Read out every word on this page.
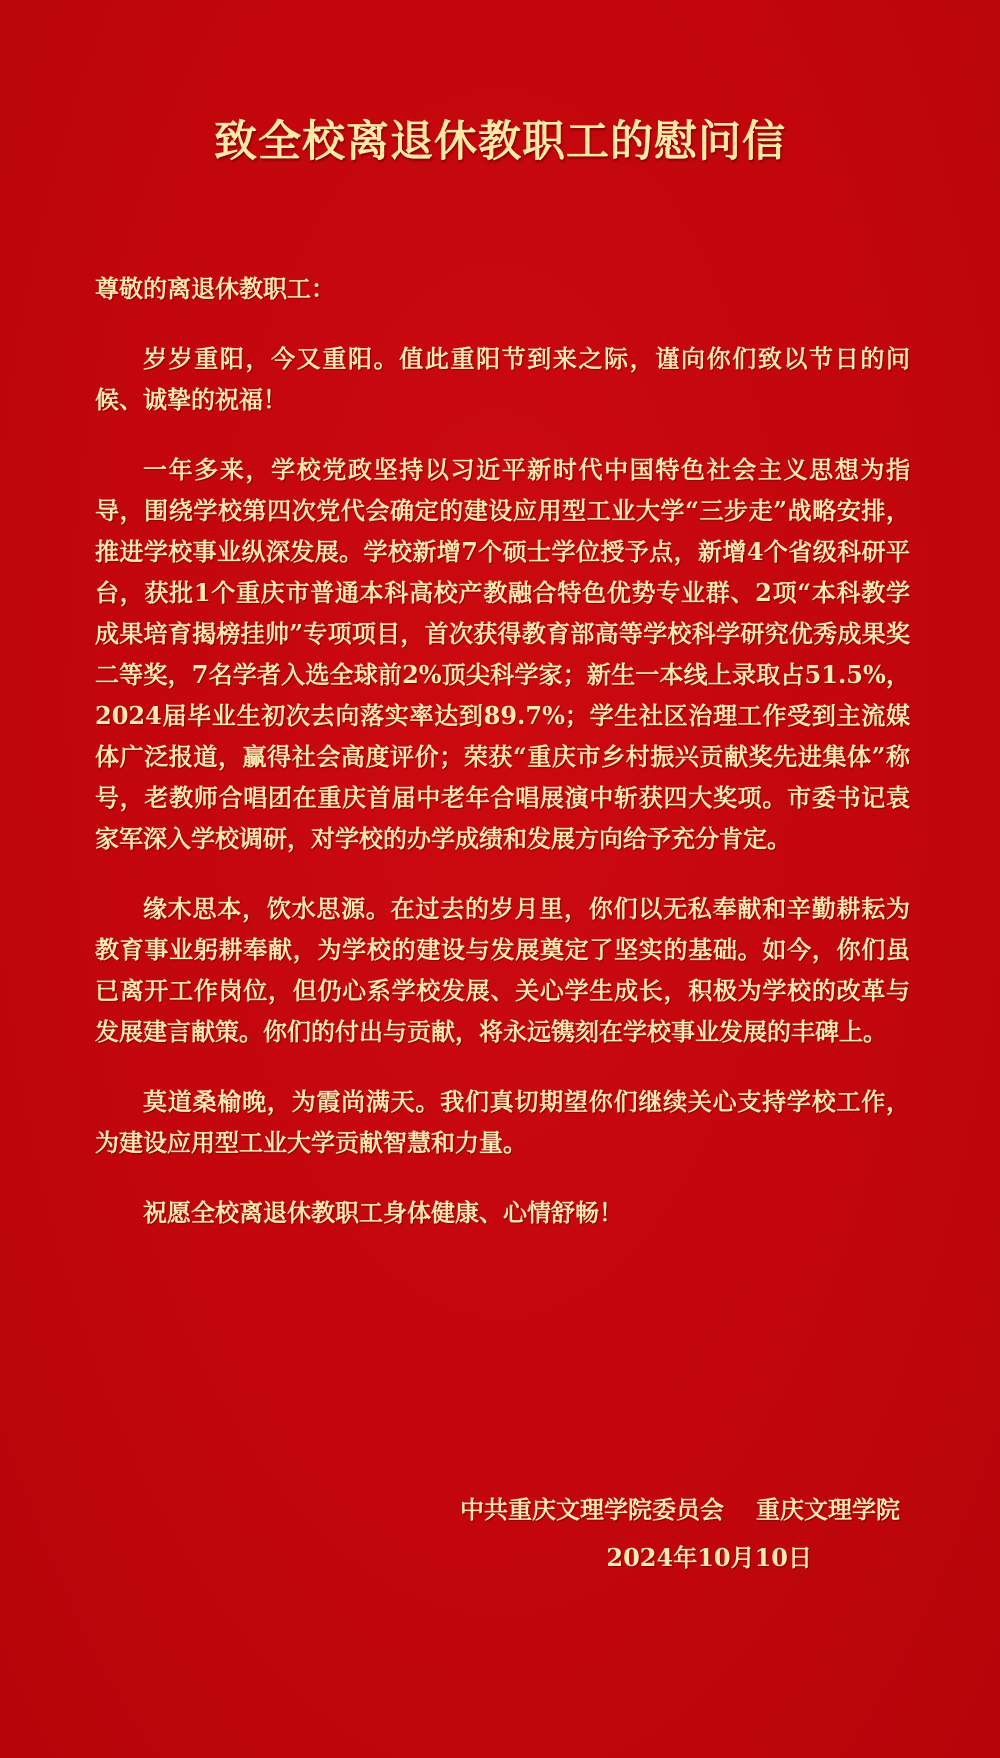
致全校离退休教职工的慰问信

尊敬的离退休教职工：

岁岁重阳，今又重阳。值此重阳节到来之际，谨向你们致以节日的问候、诚挚的祝福！

一年多来，学校党政坚持以习近平新时代中国特色社会主义思想为指导，围绕学校第四次党代会确定的建设应用型工业大学“三步走”战略安排，推进学校事业纵深发展。学校新增7个硕士学位授予点，新增4个省级科研平台，获批1个重庆市普通本科高校产教融合特色优势专业群、2项“本科教学成果培育揭榜挂帅”专项项目，首次获得教育部高等学校科学研究优秀成果奖二等奖，7名学者入选全球前2%顶尖科学家；新生一本线上录取占51.5%，2024届毕业生初次去向落实率达到89.7%；学生社区治理工作受到主流媒体广泛报道，赢得社会高度评价；荣获“重庆市乡村振兴贡献奖先进集体”称号，老教师合唱团在重庆首届中老年合唱展演中斩获四大奖项。市委书记袁家军深入学校调研，对学校的办学成绩和发展方向给予充分肯定。

缘木思本，饮水思源。在过去的岁月里，你们以无私奉献和辛勤耕耘为教育事业躬耕奉献，为学校的建设与发展奠定了坚实的基础。如今，你们虽已离开工作岗位，但仍心系学校发展、关心学生成长，积极为学校的改革与发展建言献策。你们的付出与贡献，将永远镌刻在学校事业发展的丰碑上。

莫道桑榆晚，为霞尚满天。我们真切期望你们继续关心支持学校工作，为建设应用型工业大学贡献智慧和力量。

祝愿全校离退休教职工身体健康、心情舒畅！

中共重庆文理学院委员会 重庆文理学院
2024年10月10日
